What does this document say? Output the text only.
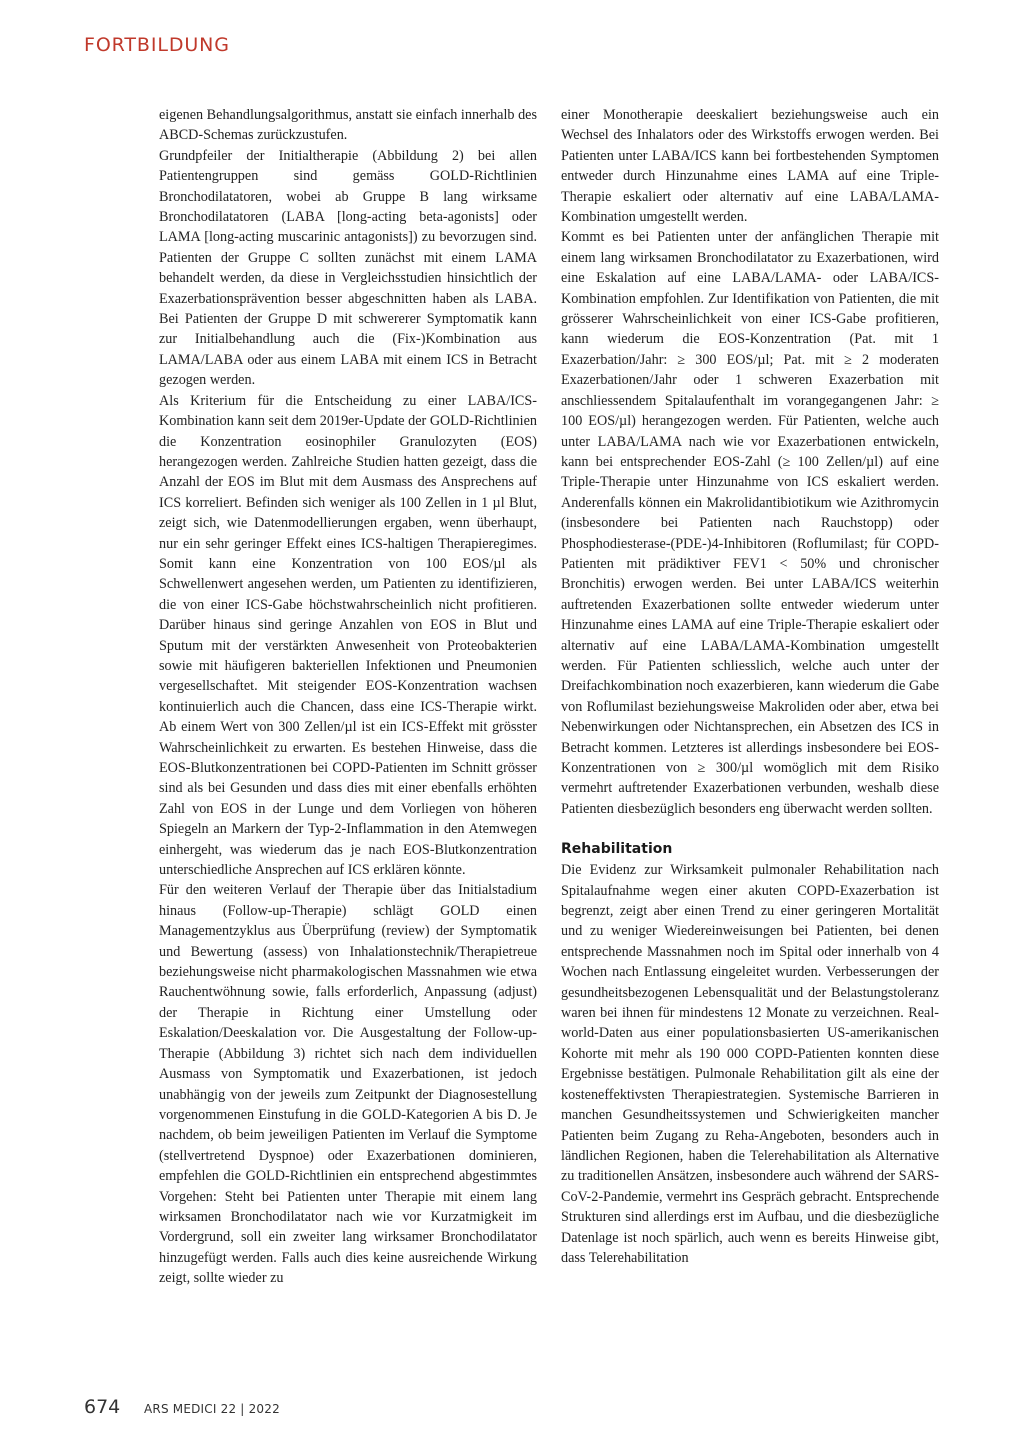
FORTBILDUNG

eigenen Behandlungsalgorithmus, anstatt sie einfach innerhalb des ABCD-Schemas zurückzustufen.

Grundpfeiler der Initialtherapie (Abbildung 2) bei allen Patientengruppen sind gemäss GOLD-Richtlinien Bronchodilatatoren, wobei ab Gruppe B lang wirksame Bronchodilatatoren (LABA [long-acting beta-agonists] oder LAMA [long-acting muscarinic antagonists]) zu bevorzugen sind. Patienten der Gruppe C sollten zunächst mit einem LAMA behandelt werden, da diese in Vergleichsstudien hinsichtlich der Exazerbationsprävention besser abgeschnitten haben als LABA. Bei Patienten der Gruppe D mit schwererer Symptomatik kann zur Initialbehandlung auch die (Fix-)Kombination aus LAMA/LABA oder aus einem LABA mit einem ICS in Betracht gezogen werden.

Als Kriterium für die Entscheidung zu einer LABA/ICS-Kombination kann seit dem 2019er-Update der GOLD-Richtlinien die Konzentration eosinophiler Granulozyten (EOS) herangezogen werden. Zahlreiche Studien hatten gezeigt, dass die Anzahl der EOS im Blut mit dem Ausmass des Ansprechens auf ICS korreliert. Befinden sich weniger als 100 Zellen in 1 µl Blut, zeigt sich, wie Datenmodellierungen ergaben, wenn überhaupt, nur ein sehr geringer Effekt eines ICS-haltigen Therapieregimes. Somit kann eine Konzentration von 100 EOS/µl als Schwellenwert angesehen werden, um Patienten zu identifizieren, die von einer ICS-Gabe höchstwahrscheinlich nicht profitieren. Darüber hinaus sind geringe Anzahlen von EOS in Blut und Sputum mit der verstärkten Anwesenheit von Proteobakterien sowie mit häufigeren bakteriellen Infektionen und Pneumonien vergesellschaftet. Mit steigender EOS-Konzentration wachsen kontinuierlich auch die Chancen, dass eine ICS-Therapie wirkt. Ab einem Wert von 300 Zellen/µl ist ein ICS-Effekt mit grösster Wahrscheinlichkeit zu erwarten. Es bestehen Hinweise, dass die EOS-Blutkonzentrationen bei COPD-Patienten im Schnitt grösser sind als bei Gesunden und dass dies mit einer ebenfalls erhöhten Zahl von EOS in der Lunge und dem Vorliegen von höheren Spiegeln an Markern der Typ-2-Inflammation in den Atemwegen einhergeht, was wiederum das je nach EOS-Blutkonzentration unterschiedliche Ansprechen auf ICS erklären könnte.

Für den weiteren Verlauf der Therapie über das Initialstadium hinaus (Follow-up-Therapie) schlägt GOLD einen Managementzyklus aus Überprüfung (review) der Symptomatik und Bewertung (assess) von Inhalationstechnik/Therapietreue beziehungsweise nicht pharmakologischen Massnahmen wie etwa Rauchentwöhnung sowie, falls erforderlich, Anpassung (adjust) der Therapie in Richtung einer Umstellung oder Eskalation/Deeskalation vor. Die Ausgestaltung der Follow-up-Therapie (Abbildung 3) richtet sich nach dem individuellen Ausmass von Symptomatik und Exazerbationen, ist jedoch unabhängig von der jeweils zum Zeitpunkt der Diagnosestellung vorgenommenen Einstufung in die GOLD-Kategorien A bis D. Je nachdem, ob beim jeweiligen Patienten im Verlauf die Symptome (stellvertretend Dyspnoe) oder Exazerbationen dominieren, empfehlen die GOLD-Richtlinien ein entsprechend abgestimmtes Vorgehen: Steht bei Patienten unter Therapie mit einem lang wirksamen Bronchodilatator nach wie vor Kurzatmigkeit im Vordergrund, soll ein zweiter lang wirksamer Bronchodilatator hinzugefügt werden. Falls auch dies keine ausreichende Wirkung zeigt, sollte wieder zu

einer Monotherapie deeskaliert beziehungsweise auch ein Wechsel des Inhalators oder des Wirkstoffs erwogen werden. Bei Patienten unter LABA/ICS kann bei fortbestehenden Symptomen entweder durch Hinzunahme eines LAMA auf eine Triple-Therapie eskaliert oder alternativ auf eine LABA/LAMA-Kombination umgestellt werden.

Kommt es bei Patienten unter der anfänglichen Therapie mit einem lang wirksamen Bronchodilatator zu Exazerbationen, wird eine Eskalation auf eine LABA/LAMA- oder LABA/ICS-Kombination empfohlen. Zur Identifikation von Patienten, die mit grösserer Wahrscheinlichkeit von einer ICS-Gabe profitieren, kann wiederum die EOS-Konzentration (Pat. mit 1 Exazerbation/Jahr: ≥ 300 EOS/µl; Pat. mit ≥ 2 moderaten Exazerbationen/Jahr oder 1 schweren Exazerbation mit anschliessendem Spitalaufenthalt im vorangegangenen Jahr: ≥ 100 EOS/µl) herangezogen werden. Für Patienten, welche auch unter LABA/LAMA nach wie vor Exazerbationen entwickeln, kann bei entsprechender EOS-Zahl (≥ 100 Zellen/µl) auf eine Triple-Therapie unter Hinzunahme von ICS eskaliert werden. Anderenfalls können ein Makrolidantibiotikum wie Azithromycin (insbesondere bei Patienten nach Rauchstopp) oder Phosphodiesterase-(PDE-)4-Inhibitoren (Roflumilast; für COPD-Patienten mit prädiktiver FEV1 < 50% und chronischer Bronchitis) erwogen werden. Bei unter LABA/ICS weiterhin auftretenden Exazerbationen sollte entweder wiederum unter Hinzunahme eines LAMA auf eine Triple-Therapie eskaliert oder alternativ auf eine LABA/LAMA-Kombination umgestellt werden. Für Patienten schliesslich, welche auch unter der Dreifachkombination noch exazerbieren, kann wiederum die Gabe von Roflumilast beziehungsweise Makroliden oder aber, etwa bei Nebenwirkungen oder Nichtansprechen, ein Absetzen des ICS in Betracht kommen. Letzteres ist allerdings insbesondere bei EOS-Konzentrationen von ≥ 300/µl womöglich mit dem Risiko vermehrt auftretender Exazerbationen verbunden, weshalb diese Patienten diesbezüglich besonders eng überwacht werden sollten.

Rehabilitation

Die Evidenz zur Wirksamkeit pulmonaler Rehabilitation nach Spitalaufnahme wegen einer akuten COPD-Exazerbation ist begrenzt, zeigt aber einen Trend zu einer geringeren Mortalität und zu weniger Wiedereinweisungen bei Patienten, bei denen entsprechende Massnahmen noch im Spital oder innerhalb von 4 Wochen nach Entlassung eingeleitet wurden. Verbesserungen der gesundheitsbezogenen Lebensqualität und der Belastungstoleranz waren bei ihnen für mindestens 12 Monate zu verzeichnen. Real-world-Daten aus einer populationsbasierten US-amerikanischen Kohorte mit mehr als 190 000 COPD-Patienten konnten diese Ergebnisse bestätigen. Pulmonale Rehabilitation gilt als eine der kosteneffektivsten Therapiestrategien. Systemische Barrieren in manchen Gesundheitssystemen und Schwierigkeiten mancher Patienten beim Zugang zu Reha-Angeboten, besonders auch in ländlichen Regionen, haben die Telerehabilitation als Alternative zu traditionellen Ansätzen, insbesondere auch während der SARS-CoV-2-Pandemie, vermehrt ins Gespräch gebracht. Entsprechende Strukturen sind allerdings erst im Aufbau, und die diesbezügliche Datenlage ist noch spärlich, auch wenn es bereits Hinweise gibt, dass Telerehabilitation

674	ARS MEDICI 22 | 2022
